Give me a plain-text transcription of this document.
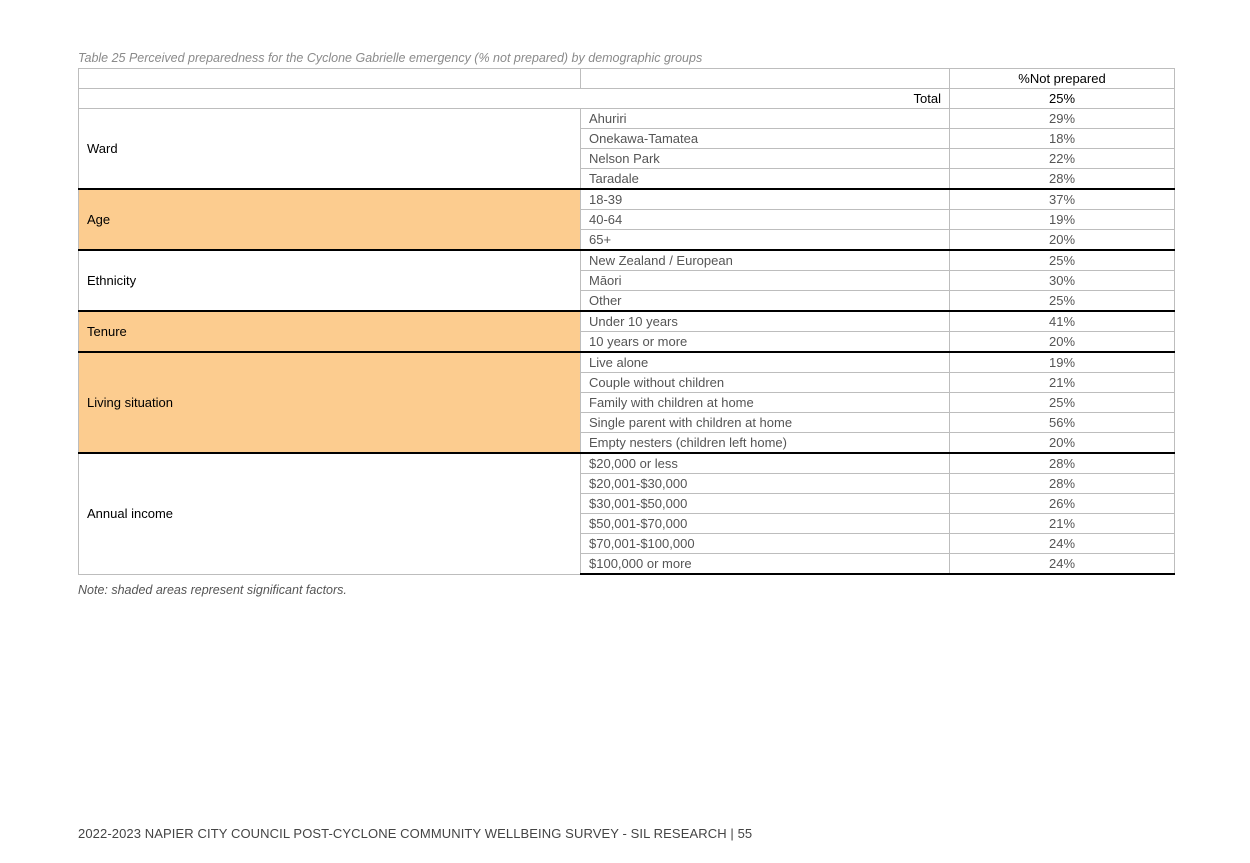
Table 25 Perceived preparedness for the Cyclone Gabrielle emergency (% not prepared) by demographic groups
		%Not prepared
Total		25%
Ward	Ahuriri	29%
	Onekawa-Tamatea	18%
	Nelson Park	22%
	Taradale	28%
Age	18-39	37%
	40-64	19%
	65+	20%
Ethnicity	New Zealand / European	25%
	Māori	30%
	Other	25%
Tenure	Under 10 years	41%
	10 years or more	20%
Living situation	Live alone	19%
	Couple without children	21%
	Family with children at home	25%
	Single parent with children at home	56%
	Empty nesters (children left home)	20%
Annual income	$20,000 or less	28%
	$20,001-$30,000	28%
	$30,001-$50,000	26%
	$50,001-$70,000	21%
	$70,001-$100,000	24%
	$100,000 or more	24%
Note: shaded areas represent significant factors.
2022-2023 NAPIER CITY COUNCIL POST-CYCLONE COMMUNITY WELLBEING SURVEY - SIL RESEARCH | 55
